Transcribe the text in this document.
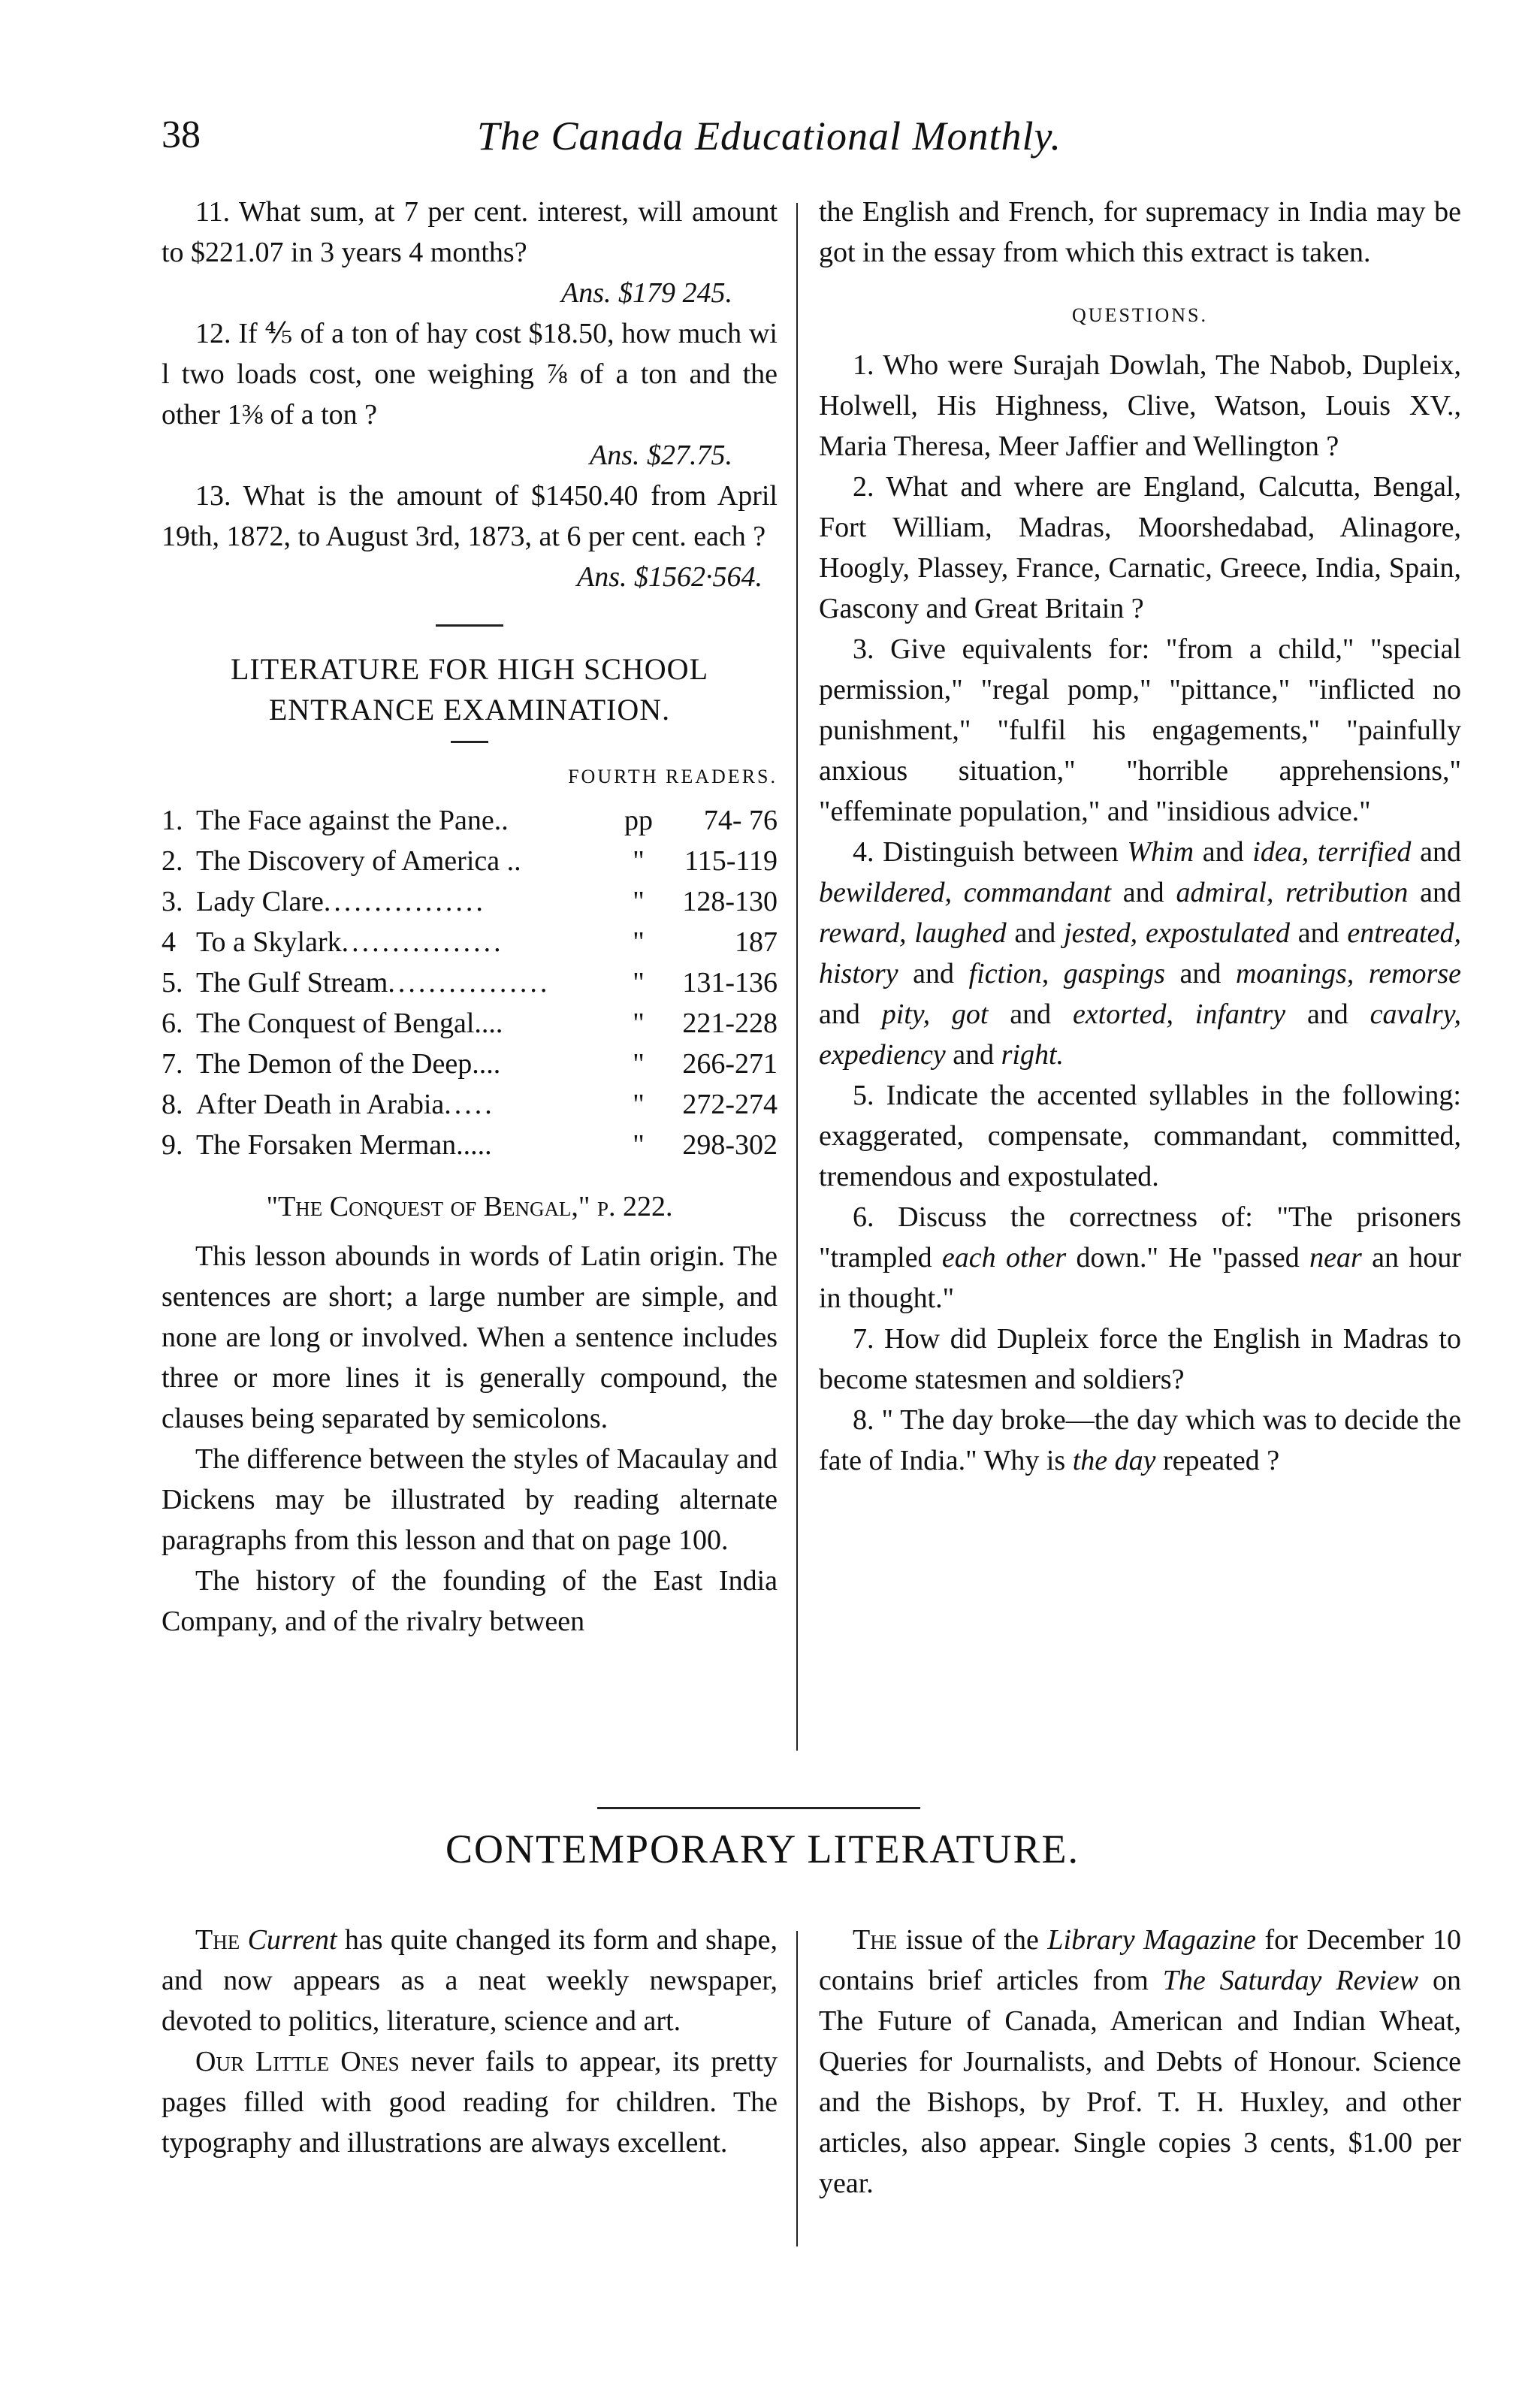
38	The Canada Educational Monthly.

11. What sum, at 7 per cent. interest, will amount to $221.07 in 3 years 4 months?

Ans. $179 245.

12. If ⅘ of a ton of hay cost $18.50, how much wi l two loads cost, one weighing ⅞ of a ton and the other 1⅜ of a ton ?

Ans. $27.75.

13. What is the amount of $1450.40 from April 19th, 1872, to August 3rd, 1873, at 6 per cent. each ?

Ans. $1562·564.

LITERATURE FOR HIGH SCHOOL

ENTRANCE EXAMINATION.

FOURTH READERS.

1. The Face against the Pane..	pp	74- 76
2. The Discovery of America ..	"	115-119
3. Lady Clare ................	"	128-130
4 To a Skylark ................	"	187
5. The Gulf Stream ................	"	131-136
6. The Conquest of Bengal....	"	221-228
7. The Demon of the Deep....	"	266-271
8. After Death in Arabia .....	"	272-274
9. The Forsaken Merman.....	"	298-302

"The Conquest of Bengal," p. 222.

This lesson abounds in words of Latin origin. The sentences are short; a large number are simple, and none are long or involved. When a sentence includes three or more lines it is generally compound, the clauses being separated by semicolons.

The difference between the styles of Macaulay and Dickens may be illustrated by reading alternate paragraphs from this lesson and that on page 100.

The history of the founding of the East India Company, and of the rivalry between

the English and French, for supremacy in India may be got in the essay from which this extract is taken.

QUESTIONS.

1. Who were Surajah Dowlah, The Nabob, Dupleix, Holwell, His Highness, Clive, Watson, Louis XV., Maria Theresa, Meer Jaffier and Wellington ?

2. What and where are England, Calcutta, Bengal, Fort William, Madras, Moorshedabad, Alinagore, Hoogly, Plassey, France, Carnatic, Greece, India, Spain, Gascony and Great Britain ?

3. Give equivalents for: "from a child," "special permission," "regal pomp," "pittance," "inflicted no punishment," "fulfil his engagements," "painfully anxious situation," "horrible apprehensions," "effeminate population," and "insidious advice."

4. Distinguish between Whim and idea, terrified and bewildered, commandant and admiral, retribution and reward, laughed and jested, expostulated and entreated, history and fiction, gaspings and moanings, remorse and pity, got and extorted, infantry and cavalry, expediency and right.

5. Indicate the accented syllables in the following: exaggerated, compensate, commandant, committed, tremendous and expostulated.

6. Discuss the correctness of: "The prisoners "trampled each other down." He "passed near an hour in thought."

7. How did Dupleix force the English in Madras to become statesmen and soldiers?

8. " The day broke—the day which was to decide the fate of India." Why is the day repeated ?

CONTEMPORARY LITERATURE.

The Current has quite changed its form and shape, and now appears as a neat weekly newspaper, devoted to politics, literature, science and art.

Our Little Ones never fails to appear, its pretty pages filled with good reading for children. The typography and illustrations are always excellent.

The issue of the Library Magazine for December 10 contains brief articles from The Saturday Review on The Future of Canada, American and Indian Wheat, Queries for Journalists, and Debts of Honour. Science and the Bishops, by Prof. T. H. Huxley, and other articles, also appear. Single copies 3 cents, $1.00 per year.
